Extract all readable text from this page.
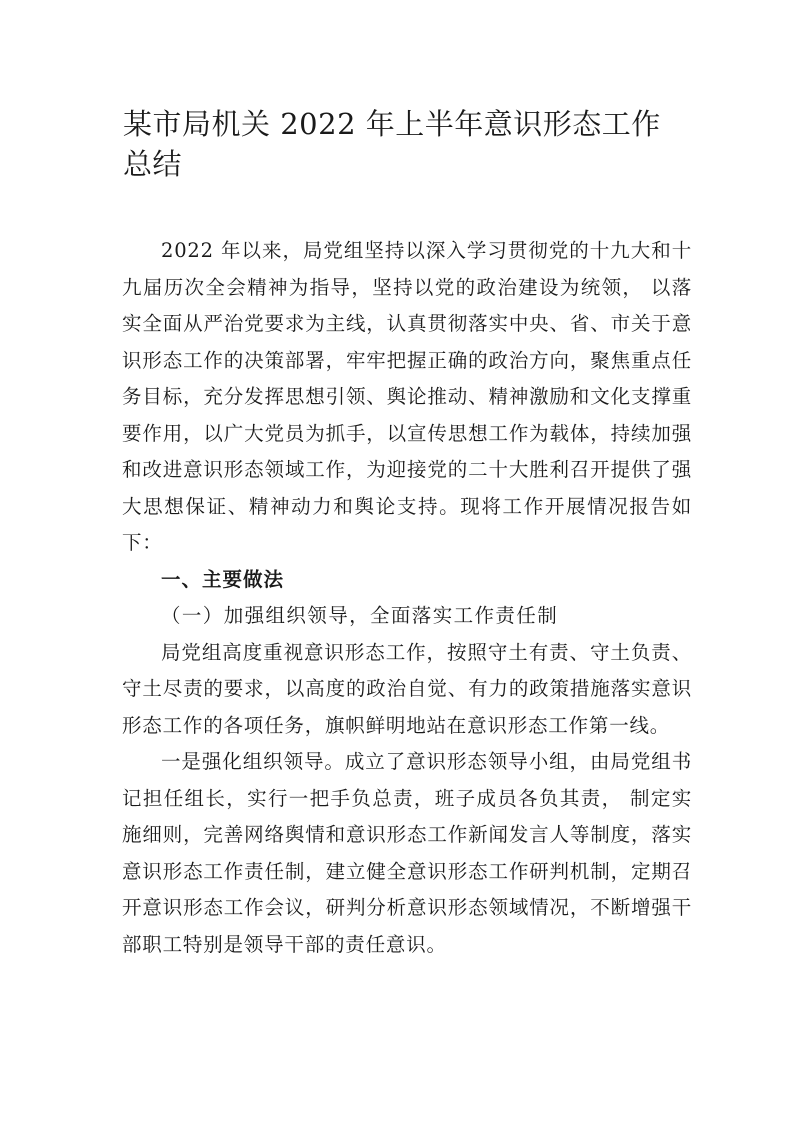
某市局机关 2022 年上半年意识形态工作总结

2022 年以来，局党组坚持以深入学习贯彻党的十九大和十九届历次全会精神为指导，坚持以党的政治建设为统领， 以落实全面从严治党要求为主线，认真贯彻落实中央、省、市关于意识形态工作的决策部署，牢牢把握正确的政治方向，聚焦重点任务目标，充分发挥思想引领、舆论推动、精神激励和文化支撑重要作用，以广大党员为抓手，以宣传思想工作为载体，持续加强和改进意识形态领域工作，为迎接党的二十大胜利召开提供了强大思想保证、精神动力和舆论支持。现将工作开展情况报告如下：

一、主要做法

（一）加强组织领导，全面落实工作责任制

局党组高度重视意识形态工作，按照守土有责、守土负责、守土尽责的要求，以高度的政治自觉、有力的政策措施落实意识形态工作的各项任务，旗帜鲜明地站在意识形态工作第一线。

一是强化组织领导。成立了意识形态领导小组，由局党组书记担任组长，实行一把手负总责，班子成员各负其责， 制定实施细则，完善网络舆情和意识形态工作新闻发言人等制度，落实意识形态工作责任制，建立健全意识形态工作研判机制，定期召开意识形态工作会议，研判分析意识形态领域情况，不断增强干部职工特别是领导干部的责任意识。
